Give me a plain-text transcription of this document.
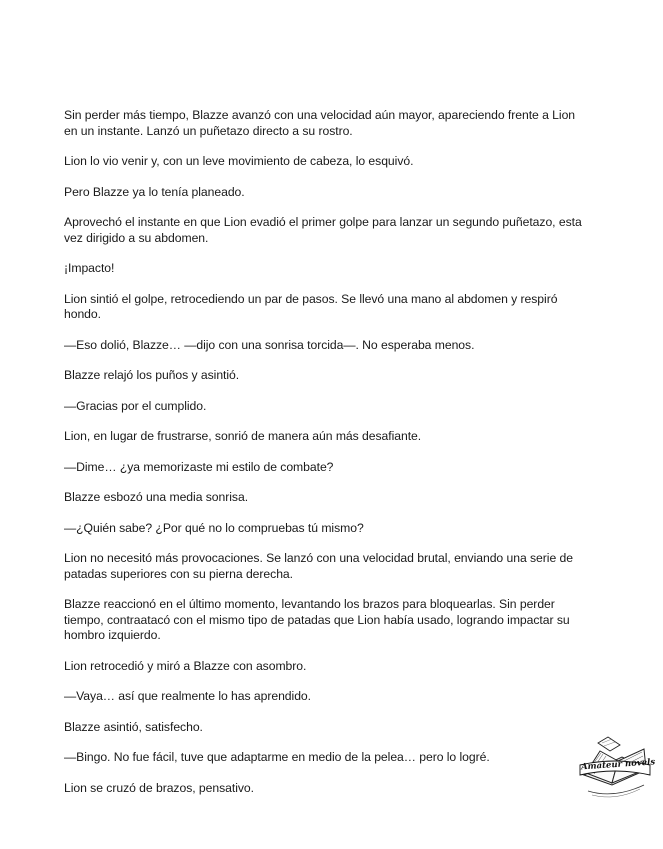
Sin perder más tiempo, Blazze avanzó con una velocidad aún mayor, apareciendo frente a Lion en un instante. Lanzó un puñetazo directo a su rostro.

Lion lo vio venir y, con un leve movimiento de cabeza, lo esquivó.

Pero Blazze ya lo tenía planeado.

Aprovechó el instante en que Lion evadió el primer golpe para lanzar un segundo puñetazo, esta vez dirigido a su abdomen.

¡Impacto!

Lion sintió el golpe, retrocediendo un par de pasos. Se llevó una mano al abdomen y respiró hondo.

—Eso dolió, Blazze… —dijo con una sonrisa torcida—. No esperaba menos.

Blazze relajó los puños y asintió.

—Gracias por el cumplido.

Lion, en lugar de frustrarse, sonrió de manera aún más desafiante.

—Dime… ¿ya memorizaste mi estilo de combate?

Blazze esbozó una media sonrisa.

—¿Quién sabe? ¿Por qué no lo compruebas tú mismo?

Lion no necesitó más provocaciones. Se lanzó con una velocidad brutal, enviando una serie de patadas superiores con su pierna derecha.

Blazze reaccionó en el último momento, levantando los brazos para bloquearlas. Sin perder tiempo, contraatacó con el mismo tipo de patadas que Lion había usado, logrando impactar su hombro izquierdo.

Lion retrocedió y miró a Blazze con asombro.

—Vaya… así que realmente lo has aprendido.

Blazze asintió, satisfecho.

—Bingo. No fue fácil, tuve que adaptarme en medio de la pelea… pero lo logré.

Lion se cruzó de brazos, pensativo.

Amateur novels
